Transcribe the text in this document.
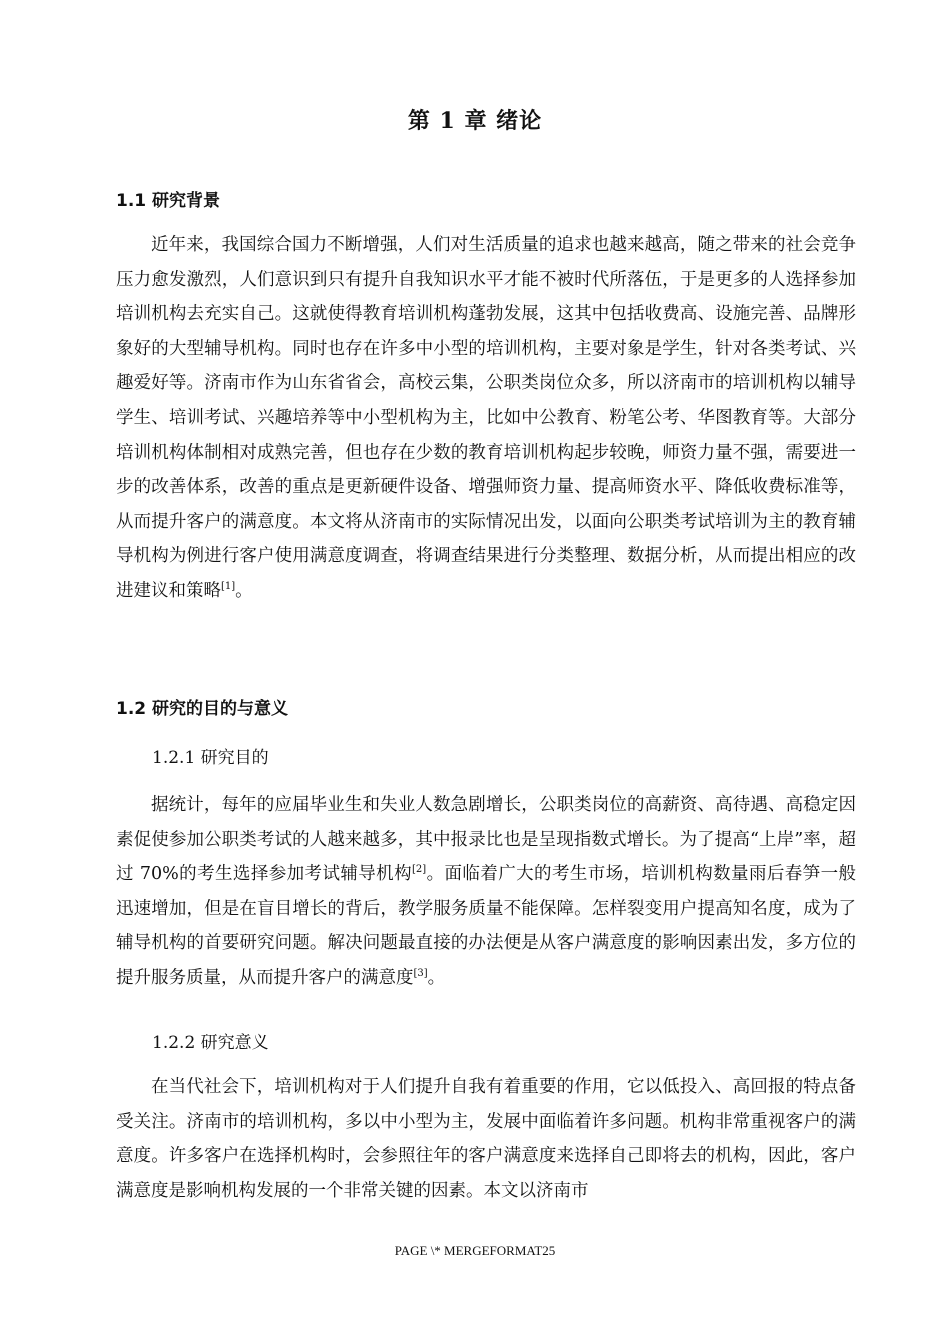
第 1 章 绪论
1.1 研究背景

近年来，我国综合国力不断增强，人们对生活质量的追求也越来越高，随之带来的社会竞争压力愈发激烈，人们意识到只有提升自我知识水平才能不被时代所落伍，于是更多的人选择参加培训机构去充实自己。这就使得教育培训机构蓬勃发展，这其中包括收费高、设施完善、品牌形象好的大型辅导机构。同时也存在许多中小型的培训机构，主要对象是学生，针对各类考试、兴趣爱好等。济南市作为山东省省会，高校云集，公职类岗位众多，所以济南市的培训机构以辅导学生、培训考试、兴趣培养等中小型机构为主，比如中公教育、粉笔公考、华图教育等。大部分培训机构体制相对成熟完善，但也存在少数的教育培训机构起步较晚，师资力量不强，需要进一步的改善体系，改善的重点是更新硬件设备、增强师资力量、提高师资水平、降低收费标准等，从而提升客户的满意度。本文将从济南市的实际情况出发，以面向公职类考试培训为主的教育辅导机构为例进行客户使用满意度调查，将调查结果进行分类整理、数据分析，从而提出相应的改进建议和策略[1]。

1.2 研究的目的与意义
1.2.1 研究目的

据统计，每年的应届毕业生和失业人数急剧增长，公职类岗位的高薪资、高待遇、高稳定因素促使参加公职类考试的人越来越多，其中报录比也是呈现指数式增长。为了提高“上岸”率，超过 70%的考生选择参加考试辅导机构[2]。面临着广大的考生市场，培训机构数量雨后春笋一般迅速增加，但是在盲目增长的背后，教学服务质量不能保障。怎样裂变用户提高知名度，成为了辅导机构的首要研究问题。解决问题最直接的办法便是从客户满意度的影响因素出发，多方位的提升服务质量，从而提升客户的满意度[3]。

1.2.2 研究意义

在当代社会下，培训机构对于人们提升自我有着重要的作用，它以低投入、高回报的特点备受关注。济南市的培训机构，多以中小型为主，发展中面临着许多问题。机构非常重视客户的满意度。许多客户在选择机构时，会参照往年的客户满意度来选择自己即将去的机构，因此，客户满意度是影响机构发展的一个非常关键的因素。本文以济南市

PAGE \* MERGEFORMAT25
